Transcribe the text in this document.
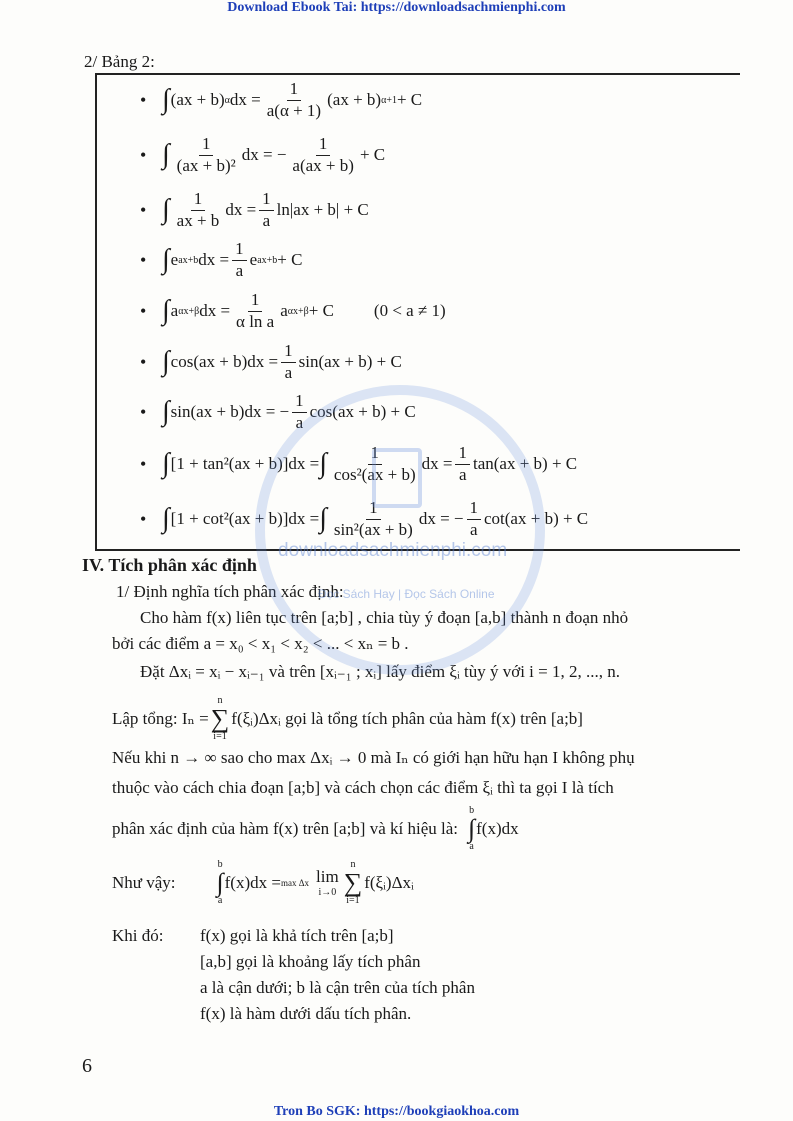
Download Ebook Tai: https://downloadsachmienphi.com
2/ Bảng 2:
• ∫ (ax + b) α dx = $\frac{1}{a(\alpha + 1)} (ax + b) \alpha+1 + C$
• ∫ $\frac{1}{\text{(ax + b)²}}$ dx = − $\frac{1}{a(ax + b)} + C$
• ∫ $\frac{1}{ax + b}$ dx = $\frac{1}{a} \ln|ax + b| + C$
• ∫ e ax+b dx = $\frac{1}{a}$ e ax+b + C
• ∫ a αx+β dx = $\frac{1}{\text{α ln a}}$ a αx+β + C (0 < a ≠ 1)
• ∫ $\cos(ax + b)dx = \frac{1}{a} \sin(ax + b) + C$
• ∫ sin(ax + b)dx = − $\frac{1}{a} \cos(ax + b) + C$
• ∫ [1 + tan²(ax + b)]dx = ∫ $\frac{1}{\text{cos²(ax + b)}}$ dx = $\frac{1}{a} \tan(ax + b) + C$
• ∫ [1 + cot²(ax + b)]dx = ∫ $\frac{1}{\text{sin²(ax + b)}}$ dx = − $\frac{1}{a} \cot(ax + b) + C$
IV. Tích phân xác định
1/ Định nghĩa tích phân xác định:
Cho hàm f(x) liên tục trên [a;b] , chia tùy ý đoạn [a,b] thành n đoạn nhỏ
bởi các điểm a = x₀ < x₁ < x₂ < ... < xₙ = b .
Đặt Δxᵢ = xᵢ − xᵢ₋₁ và trên [xᵢ₋₁ ; xᵢ] lấy điểm ξᵢ tùy ý với i = 1, 2, ..., n.
Lập tổng: Iₙ =
n
∑
i=1
f(ξᵢ)Δxᵢ gọi là tổng tích phân của hàm f(x) trên [a;b]
Nếu khi n → ∞ sao cho max Δxᵢ → 0 mà Iₙ có giới hạn hữu hạn I không phụ
thuộc vào cách chia đoạn [a;b] và cách chọn các điểm ξᵢ thì ta gọi I là tích
phân xác định của hàm f(x) trên [a;b] và kí hiệu là:
b
∫
a
f(x)dx
Như vậy:
b
∫
a
f(x)dx = max Δx lim
i→0
n
∑
i=1
f(ξᵢ)Δxᵢ
Khi đó: f(x) gọi là khả tích trên [a;b]
[a,b] gọi là khoảng lấy tích phân
a là cận dưới; b là cận trên của tích phân
f(x) là hàm dưới dấu tích phân.
6
downloadsachmienphi.com
Đọc Sách Hay | Đọc Sách Online
Tron Bo SGK: https://bookgiaokhoa.com
